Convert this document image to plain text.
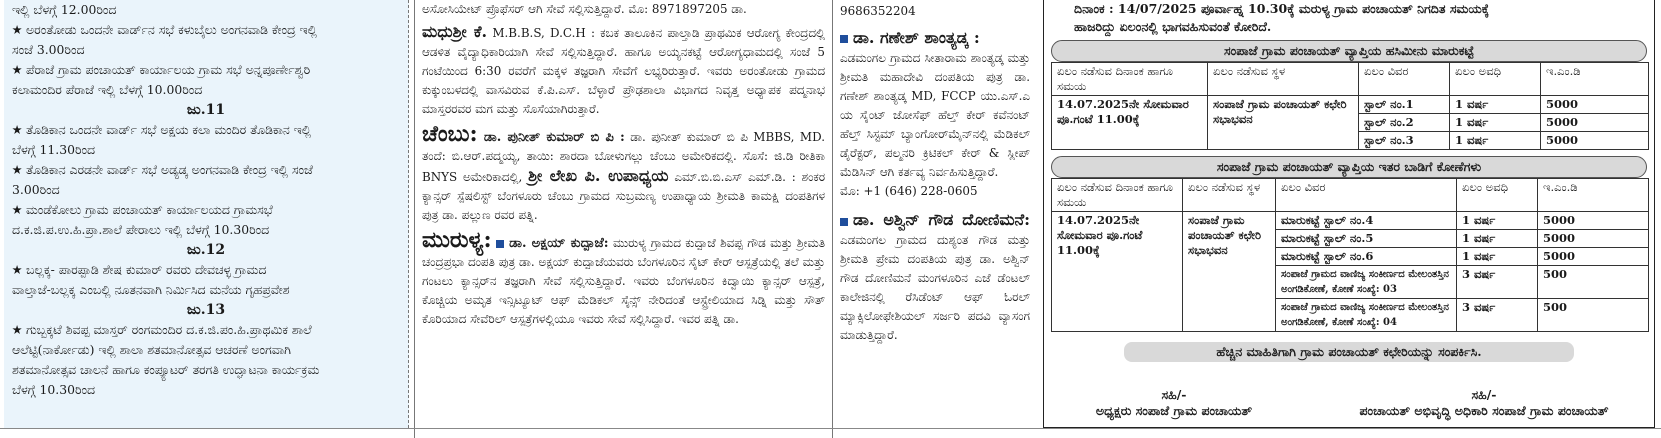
ಇಲ್ಲಿ ಬೆಳಗ್ಗೆ 12.00ರಿಂದ
★ ಅರಂತೋಡು ಒಂದನೇ ವಾರ್ಡ್‌ನ ಸಭೆ ಕಳುಬೈಲು ಅಂಗನವಾಡಿ ಕೇಂದ್ರ ಇಲ್ಲಿ
ಸಂಜೆ 3.00ರಿಂದ
★ ಪೆರಾಜೆ ಗ್ರಾಮ ಪಂಚಾಯತ್ ಕಾರ್ಯಾಲಯ ಗ್ರಾಮ ಸಭೆ ಅನ್ನಪೂರ್ಣೇಶ್ವರಿ
ಕಲಾಮಂದಿರ ಪೆರಾಜೆ ಇಲ್ಲಿ ಬೆಳಗ್ಗೆ 10.00ರಿಂದ
ಜು.11
★ ತೊಡಿಕಾನ ಒಂದನೇ ವಾರ್ಡ್ ಸಭೆ ಅಕ್ಷಯ ಕಲಾ ಮಂದಿರ ತೊಡಿಕಾನ ಇಲ್ಲಿ
ಬೆಳಗ್ಗೆ 11.30ರಿಂದ
★ ತೊಡಿಕಾನ ಎರಡನೇ ವಾರ್ಡ್ ಸಭೆ ಅಡ್ಯಡ್ಕ ಅಂಗನವಾಡಿ ಕೇಂದ್ರ ಇಲ್ಲಿ ಸಂಜೆ
3.00ರಿಂದ
★ ಮಂಡೆಕೋಲು ಗ್ರಾಮ ಪಂಚಾಯತ್ ಕಾರ್ಯಾಲಯದ ಗ್ರಾಮಸಭೆ
ದ.ಕ.ಜಿ.ಪ.ಉ.ಹಿ.ಪ್ರಾ.ಶಾಲೆ ಪೇರಾಲು ಇಲ್ಲಿ ಬೆಳಗ್ಗೆ 10.30ರಿಂದ
ಜು.12
★ ಬಲ್ಲಕ್ಕ- ಪಾರಪ್ಪಾಡಿ ಶೇಷ ಕುಮಾರ್ ರವರು ದೇವಚಳ್ಳ ಗ್ರಾಮದ
ವಾಲ್ತಾಜೆ-ಬಲ್ಲಕ್ಕ ಎಂಬಲ್ಲಿ ನೂತನವಾಗಿ ನಿರ್ಮಿಸಿದ ಮನೆಯ ಗೃಹಪ್ರವೇಶ
ಜು.13
★ ಗುಬ್ಬಕ್ಕಟೆ ಶಿವಪ್ಪ ಮಾಸ್ತರ್ ರಂಗಮಂದಿರ ದ.ಕ.ಜಿ.ಪಂ.ಹಿ.ಪ್ರಾಥಮಿಕ ಶಾಲೆ
ಆಲೆಟ್ಟಿ(ನಾರ್ಕೋಡು) ಇಲ್ಲಿ ಶಾಲಾ ಶತಮಾನೋತ್ಸವ ಆಚರಣೆ ಅಂಗವಾಗಿ
ಶತಮಾನೋತ್ಸವ ಚಾಲನೆ ಹಾಗೂ ಕಂಪ್ಯೂಟರ್ ತರಗತಿ ಉದ್ಘಾಟನಾ ಕಾರ್ಯಕ್ರಮ
ಬೆಳಗ್ಗೆ 10.30ರಿಂದ

ಅಸೋಸಿಯೇಟ್ ಪ್ರೊಫೆಸರ್ ಆಗಿ ಸೇವೆ ಸಲ್ಲಿಸುತ್ತಿದ್ದಾರೆ. ಮೊ: 8971897205 ಡಾ.

ಮಧುಶ್ರೀ ಕೆ. M.B.B.S, D.C.H : ಕಬಕ ತಾಲೂಕಿನ ಪಾಲ್ತಾಡಿ ಪ್ರಾಥಮಿಕ ಆರೋಗ್ಯ ಕೇಂದ್ರದಲ್ಲಿ ಆಡಳಿತ ವೈದ್ಯಾಧಿಕಾರಿಯಾಗಿ ಸೇವೆ ಸಲ್ಲಿಸುತ್ತಿದ್ದಾರೆ. ಹಾಗೂ ಅಯ್ಯನಕಟ್ಟೆ ಆರೋಗ್ಯಧಾಮದಲ್ಲಿ ಸಂಜೆ 5 ಗಂಟೆಯಿಂದ 6:30 ರವರೆಗೆ ಮಕ್ಕಳ ತಜ್ಞರಾಗಿ ಸೇವೆಗೆ ಲಭ್ಯರಿರುತ್ತಾರೆ. ಇವರು ಅರಂತೋಡು ಗ್ರಾಮದ ಕುಕ್ಕುಂಬಳದಲ್ಲಿ ವಾಸವಿರುವ ಕೆ.ಪಿ.ಎಸ್. ಬೆಳ್ಳಾರೆ ಪ್ರೌಢಶಾಲಾ ವಿಭಾಗದ ನಿವೃತ್ತ ಅಧ್ಯಾಪಕ ಪದ್ಮನಾಭ ಮಾಸ್ತರರವರ ಮಗ ಮತ್ತು ಸೊಸೆಯಾಗಿರುತ್ತಾರೆ.

ಚೆಂಬು: ಡಾ. ಪುನೀತ್ ಕುಮಾರ್ ಬಿ ಪಿ : ಡಾ. ಪುನೀತ್ ಕುಮಾರ್ ಬಿ ಪಿ MBBS, MD. ತಂದೆ: ಬಿ.ಆರ್.ಪದ್ಮಯ್ಯ, ತಾಯಿ: ಶಾರದಾ ಬೋಳುಗಲ್ಲು ಚೆಂಬು ಅಮೇರಿಕದಲ್ಲಿ. ಸೊಸೆ: ಜಿ.ಡಿ ರೀತಿಕಾ BNYS ಅಮೇರಿಕಾದಲ್ಲಿ, ಶ್ರೀ ಲೇಖ ಪಿ. ಉಪಾಧ್ಯಯ ಎಮ್.ಬಿ.ಬಿ.ಎಸ್ ಎಮ್.ಡಿ. : ಶಂಕರ ಕ್ಯಾನ್ಸರ್ ಸ್ಪೆಷಲಿಸ್ಟ್ ಬೆಂಗಳೂರು ಚೆಂಬು ಗ್ರಾಮದ ಸುಬ್ರಮಣ್ಯ ಉಪಾಧ್ಯಾಯ ಶ್ರೀಮತಿ ಕಾಮಕ್ಷಿ ದಂಪತಿಗಳ ಪುತ್ರ ಡಾ. ಪಲ್ಲುಣ ರವರ ಪತ್ನಿ.

ಮುರುಳ್ಯ: ಡಾ. ಅಕ್ಷಯ್ ಕುದ್ಪಾಜೆ: ಮುರುಳ್ಯ ಗ್ರಾಮದ ಕುದ್ಪಾಜೆ ಶಿವಪ್ಪ ಗೌಡ ಮತ್ತು ಶ್ರೀಮತಿ ಚಂದ್ರಪ್ರಭಾ ದಂಪತಿ ಪುತ್ರ ಡಾ. ಅಕ್ಷಯ್ ಕುದ್ಪಾಜೆಯವರು ಬೆಂಗಳೂರಿನ ಸೈಟ್ ಕೇರ್ ಆಸ್ಪತ್ರೆಯಲ್ಲಿ ತಲೆ ಮತ್ತು ಗಂಟಲು ಕ್ಯಾನ್ಸರ್‌ನ ತಜ್ಞರಾಗಿ ಸೇವೆ ಸಲ್ಲಿಸುತ್ತಿದ್ದಾರೆ. ಇವರು ಬೆಂಗಳೂರಿನ ಕಿದ್ವಾಯಿ ಕ್ಯಾನ್ಸರ್ ಆಸ್ಪತ್ರೆ, ಕೊಚ್ಚಿಯ ಅಮೃತ ಇನ್ಸಿಟ್ಯೂಟ್ ಆಫ್ ಮೆಡಿಕಲ್ ಸೈನ್ಸ್ ನೇರಿದಂತೆ ಆಸ್ಟ್ರೇಲಿಯಾದ ಸಿಡ್ನಿ ಮತ್ತು ಸೌತ್ ಕೊರಿಯಾದ ಸೇವೆರಿಲ್ ಆಸ್ಪತ್ರೆಗಳಲ್ಲಿಯೂ ಇವರು ಸೇವೆ ಸಲ್ಲಿಸಿದ್ದಾರೆ. ಇವರ ಪತ್ನಿ ಡಾ.

9686352204

ಡಾ. ಗಣೇಶ್ ಶಾಂತ್ಯಡ್ಕ :

ಎಡಮಂಗಲ ಗ್ರಾಮದ ಸೀತಾರಾಮ ಶಾಂತ್ಯಡ್ಕ ಮತ್ತು ಶ್ರೀಮತಿ ಮಹಾದೇವಿ ದಂಪತಿಯ ಪುತ್ರ ಡಾ. ಗಣೇಶ್ ಶಾಂತ್ಯಡ್ಕ MD, FCCP ಯು.ಎಸ್.ಎ ಯ ಸೈಂಟ್ ಜೋಸೆಫ್ ಹೆಲ್ತ್ ಕೇರ್ ಕವೆನಂಟ್ ಹೆಲ್ತ್ ಸಿಸ್ಟಮ್ ಬ್ಯಾಂಗೋರ್‌ಮೈನ್‌ನಲ್ಲಿ ಮೆಡಿಕಲ್ ಡೈರೆಕ್ಟರ್, ಪಲ್ಮನರಿ ಕ್ರಿಟಿಕಲ್ ಕೇರ್ & ಸ್ಲೀಪ್ ಮೆಡಿಸಿನ್ ಆಗಿ ಕರ್ತವ್ಯ ನಿರ್ವಹಿಸುತ್ತಿದ್ದಾರೆ.

ಮೊ: +1 (646) 228-0605

ಡಾ. ಅಶ್ವಿನ್ ಗೌಡ ದೋಣಿಮನೆ: ಎಡಮಂಗಲ ಗ್ರಾಮದ ದುಶ್ಯಂತ ಗೌಡ ಮತ್ತು ಶ್ರೀಮತಿ ಪ್ರೇಮ ದಂಪತಿಯ ಪುತ್ರ ಡಾ. ಅಶ್ವಿನ್ ಗೌಡ ದೋಣಿಮನೆ ಮಂಗಳೂರಿನ ಎಜೆ ಡೆಂಟಲ್ ಕಾಲೇಜಿನಲ್ಲಿ ರೆಸಿಡೆಂಟ್ ಆಫ್ ಓರಲ್ ಮ್ಯಾಕ್ಸಿಲೋಫೇಶಿಯಲ್ ಸರ್ಜರಿ ಪದವಿ ವ್ಯಾಸಂಗ ಮಾಡುತ್ತಿದ್ದಾರೆ.

ದಿನಾಂಕ : 14/07/2025 ಪೂರ್ವಾಹ್ನ 10.30ಕ್ಕೆ ಮರುಳ್ಯ ಗ್ರಾಮ ಪಂಚಾಯತ್ ನಿಗದಿತ ಸಮಯಕ್ಕೆ
ಹಾಜರಿದ್ದು ಏಲಂನಲ್ಲಿ ಭಾಗವಹಿಸುವಂತೆ ಕೋರಿದೆ.
ಸಂಪಾಜೆ ಗ್ರಾಮ ಪಂಚಾಯತ್ ವ್ಯಾಪ್ತಿಯ ಹಸಿಮೀನು ಮಾರುಕಟ್ಟೆ
ಏಲಂ ನಡೆಸುವ ದಿನಾಂಕ ಹಾಗೂ ಸಮಯ	ಏಲಂ ನಡೆಸುವ ಸ್ಥಳ	ಏಲಂ ವಿವರ	ಏಲಂ ಅವಧಿ	ಇ.ಎಂ.ಡಿ
14.07.2025ನೇ ಸೋಮವಾರ ಪೂ.ಗಂಟೆ 11.00ಕ್ಕೆ	ಸಂಪಾಜೆ ಗ್ರಾಮ ಪಂಚಾಯತ್ ಕಛೇರಿ ಸಭಾಭವನ	ಸ್ಟಾಲ್ ನಂ.1	1 ವರ್ಷ	5000
		ಸ್ಟಾಲ್ ನಂ.2	1 ವರ್ಷ	5000
		ಸ್ಟಾಲ್ ನಂ.3	1 ವರ್ಷ	5000
ಸಂಪಾಜೆ ಗ್ರಾಮ ಪಂಚಾಯತ್ ವ್ಯಾಪ್ತಿಯ ಇತರ ಬಾಡಿಗೆ ಕೋಣೆಗಳು
ಏಲಂ ನಡೆಸುವ ದಿನಾಂಕ ಹಾಗೂ ಸಮಯ	ಏಲಂ ನಡೆಸುವ ಸ್ಥಳ	ಏಲಂ ವಿವರ	ಏಲಂ ಅವಧಿ	ಇ.ಎಂ.ಡಿ
14.07.2025ನೇ ಸೋಮವಾರ ಪೂ.ಗಂಟೆ 11.00ಕ್ಕೆ	ಸಂಪಾಜೆ ಗ್ರಾಮ ಪಂಚಾಯತ್ ಕಛೇರಿ ಸಭಾಭವನ	ಮಾರುಕಟ್ಟೆ ಸ್ಟಾಲ್ ನಂ.4	1 ವರ್ಷ	5000
		ಮಾರುಕಟ್ಟೆ ಸ್ಟಾಲ್ ನಂ.5	1 ವರ್ಷ	5000
		ಮಾರುಕಟ್ಟೆ ಸ್ಟಾಲ್ ನಂ.6	1 ವರ್ಷ	5000
		ಸಂಪಾಜೆ ಗ್ರಾಮದ ವಾಣಿಜ್ಯ ಸಂಕೀರ್ಣದ ಮೇಲಂತಸ್ತಿನ ಅಂಗಡಿಕೋಣೆ, ಕೋಣೆ ಸಂಖ್ಯೆ: 03	3 ವರ್ಷ	500
		ಸಂಪಾಜೆ ಗ್ರಾಮದ ವಾಣಿಜ್ಯ ಸಂಕೀರ್ಣದ ಮೇಲಂತಸ್ತಿನ ಅಂಗಡಿಕೋಣೆ, ಕೋಣೆ ಸಂಖ್ಯೆ: 04	3 ವರ್ಷ	500
ಹೆಚ್ಚಿನ ಮಾಹಿತಿಗಾಗಿ ಗ್ರಾಮ ಪಂಚಾಯತ್ ಕಛೇರಿಯನ್ನು ಸಂಪರ್ಕಿಸಿ.
ಸಹಿ/-
ಅಧ್ಯಕ್ಷರು ಸಂಪಾಜೆ ಗ್ರಾಮ ಪಂಚಾಯತ್
ಸಹಿ/-
ಪಂಚಾಯತ್ ಅಭಿವೃದ್ಧಿ ಅಧಿಕಾರಿ ಸಂಪಾಜೆ ಗ್ರಾಮ ಪಂಚಾಯತ್
